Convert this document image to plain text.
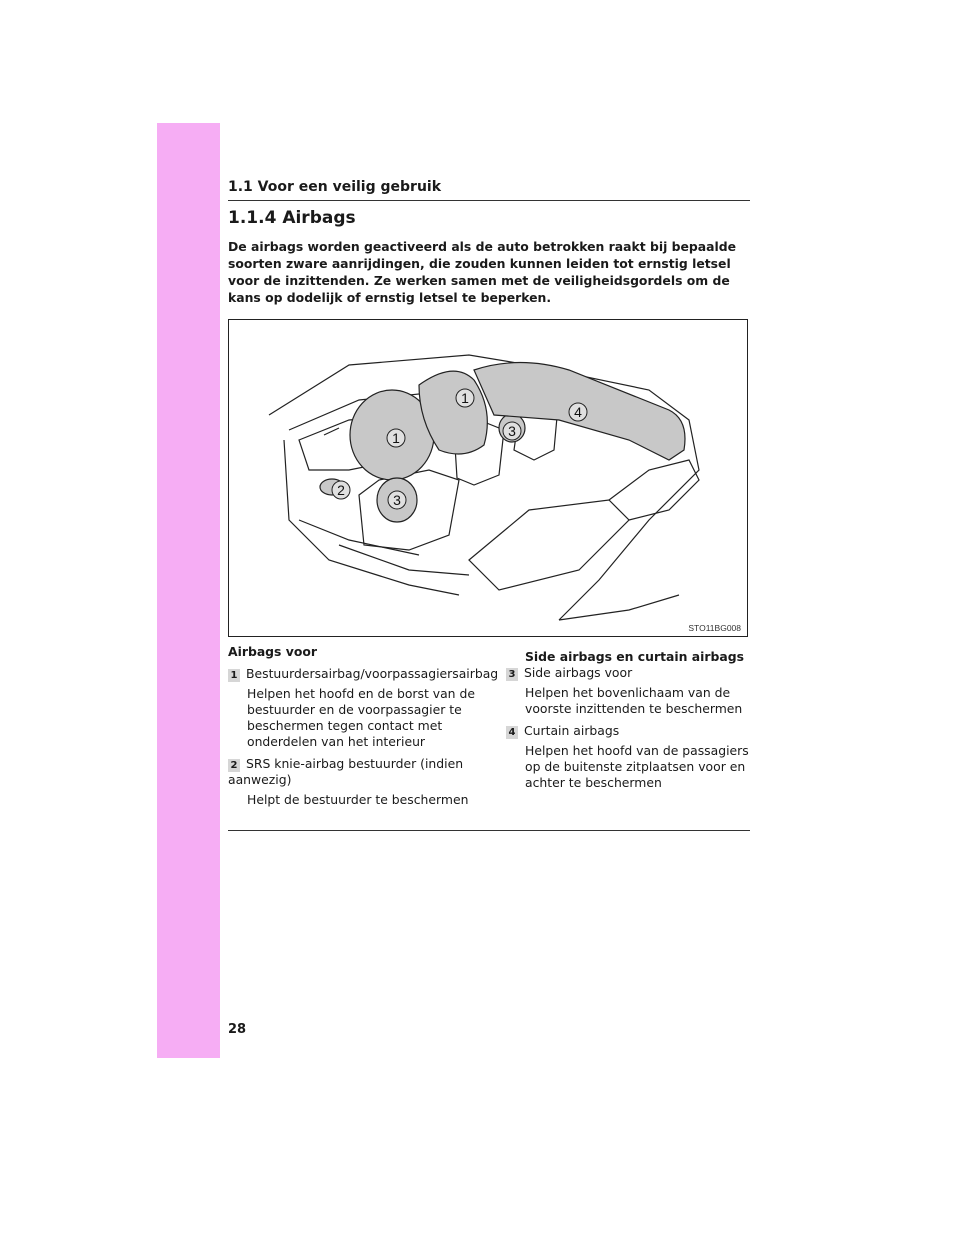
1.1 Voor een veilig gebruik
1.1.4 Airbags
De airbags worden geactiveerd als de auto betrokken raakt bij bepaalde soorten zware aanrijdingen, die zouden kunnen leiden tot ernstig letsel voor de inzittenden. Ze werken samen met de veiligheidsgordels om de kans op dodelijk of ernstig letsel te beperken.
1
1
2
3
3
4
STO11BG008
Airbags voor
1 Bestuurdersairbag/voorpassagiersairbag
Helpen het hoofd en de borst van de bestuurder en de voorpassagier te beschermen tegen contact met onderdelen van het interieur
2 SRS knie-airbag bestuurder (indien aanwezig)
Helpt de bestuurder te beschermen
Side airbags en curtain airbags
3 Side airbags voor
Helpen het bovenlichaam van de voorste inzittenden te beschermen
4 Curtain airbags
Helpen het hoofd van de passagiers op de buitenste zitplaatsen voor en achter te beschermen
28
